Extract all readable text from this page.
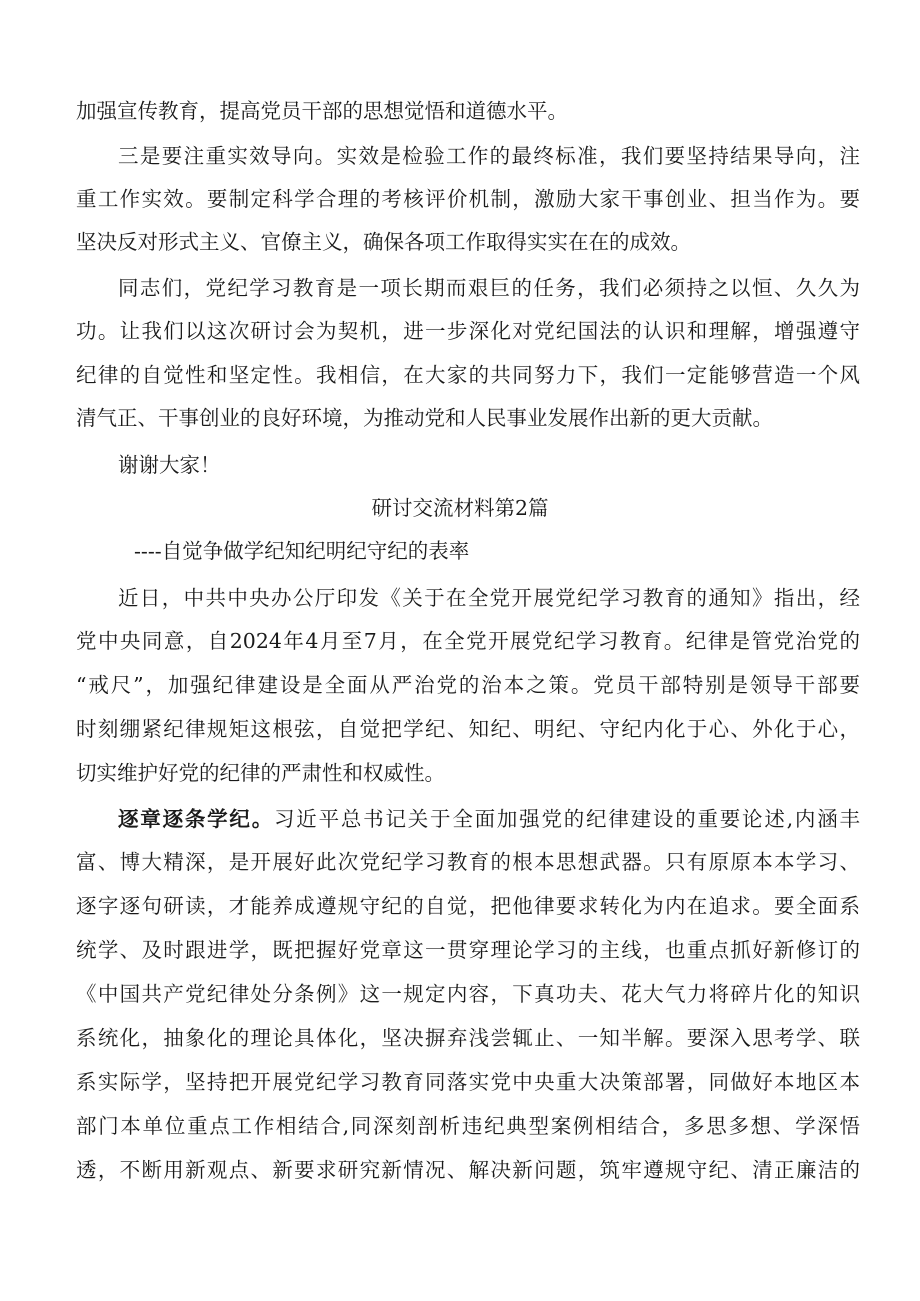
加强宣传教育，提高党员干部的思想觉悟和道德水平。
三是要注重实效导向。实效是检验工作的最终标准，我们要坚持结果导向，注
重工作实效。要制定科学合理的考核评价机制，激励大家干事创业、担当作为。要
坚决反对形式主义、官僚主义，确保各项工作取得实实在在的成效。
同志们，党纪学习教育是一项长期而艰巨的任务，我们必须持之以恒、久久为
功。让我们以这次研讨会为契机，进一步深化对党纪国法的认识和理解，增强遵守
纪律的自觉性和坚定性。我相信，在大家的共同努力下，我们一定能够营造一个风
清气正、干事创业的良好环境，为推动党和人民事业发展作出新的更大贡献。
谢谢大家！
研讨交流材料第2篇
----自觉争做学纪知纪明纪守纪的表率
近日，中共中央办公厅印发《关于在全党开展党纪学习教育的通知》指出，经
党中央同意，自2024年4月至7月，在全党开展党纪学习教育。纪律是管党治党的
“戒尺”，加强纪律建设是全面从严治党的治本之策。党员干部特别是领导干部要
时刻绷紧纪律规矩这根弦，自觉把学纪、知纪、明纪、守纪内化于心、外化于心，
切实维护好党的纪律的严肃性和权威性。
逐章逐条学纪。习近平总书记关于全面加强党的纪律建设的重要论述,内涵丰
富、博大精深，是开展好此次党纪学习教育的根本思想武器。只有原原本本学习、
逐字逐句研读，才能养成遵规守纪的自觉，把他律要求转化为内在追求。要全面系
统学、及时跟进学，既把握好党章这一贯穿理论学习的主线，也重点抓好新修订的
《中国共产党纪律处分条例》这一规定内容，下真功夫、花大气力将碎片化的知识
系统化，抽象化的理论具体化，坚决摒弃浅尝辄止、一知半解。要深入思考学、联
系实际学，坚持把开展党纪学习教育同落实党中央重大决策部署，同做好本地区本
部门本单位重点工作相结合,同深刻剖析违纪典型案例相结合，多思多想、学深悟
透，不断用新观点、新要求研究新情况、解决新问题，筑牢遵规守纪、清正廉洁的
